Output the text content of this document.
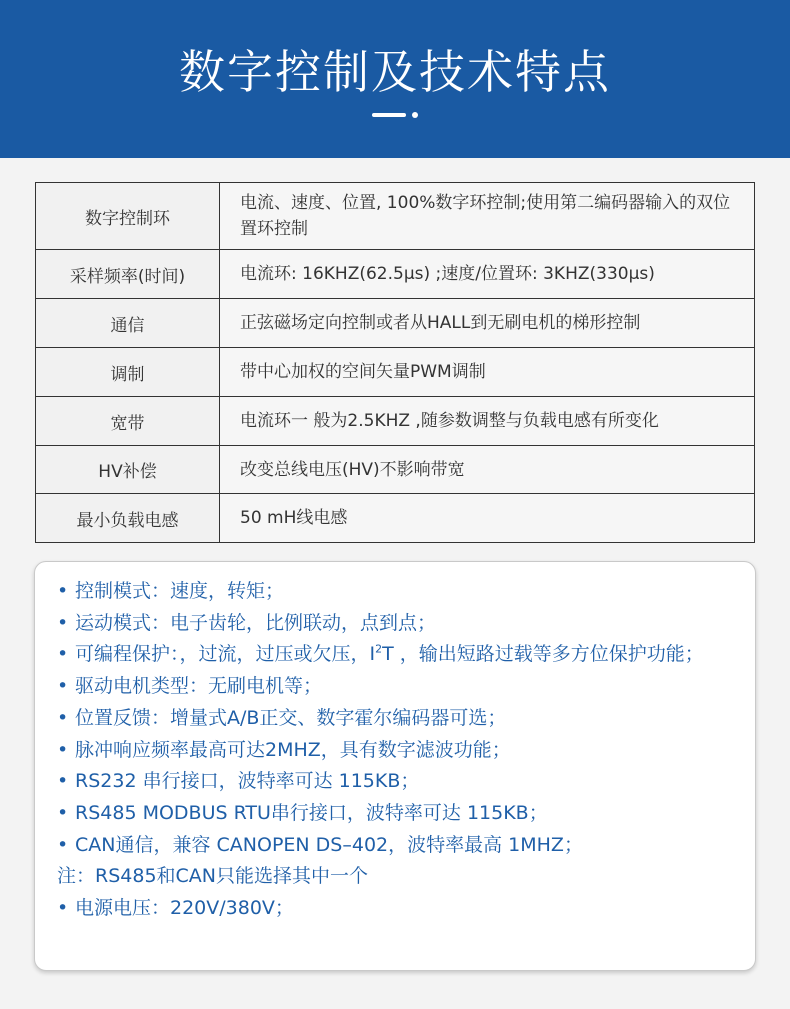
数字控制及技术特点
数字控制环	电流、速度、位置, 100%数字环控制;使用第二编码器输入的双位置环控制
采样频率(时间)	电流环: 16KHZ(62.5μs) ;速度/位置环: 3KHZ(330μs)
通信	正弦磁场定向控制或者从HALL到无刷电机的梯形控制
调制	带中心加权的空间矢量PWM调制
宽带	电流环一 般为2.5KHZ ,随参数调整与负载电感有所变化
HV补偿	改变总线电压(HV)不影响带宽
最小负载电感	50 mH线电感
• 控制模式：速度，转矩；
• 运动模式：电子齿轮，比例联动，点到点；
• 可编程保护：，过流，过压或欠压，$I^2T$ ，输出短路过载等多方位保护功能；
• 驱动电机类型：无刷电机等；
• 位置反馈：增量式A/B正交、数字霍尔编码器可选；
• 脉冲响应频率最高可达2MHZ，具有数字滤波功能；
• RS232 串行接口，波特率可达 115KB；
• RS485 MODBUS RTU串行接口，波特率可达 115KB；
• CAN通信，兼容 CANOPEN DS–402，波特率最高 1MHZ；
注：RS485和CAN只能选择其中一个
• 电源电压：220V/380V；
